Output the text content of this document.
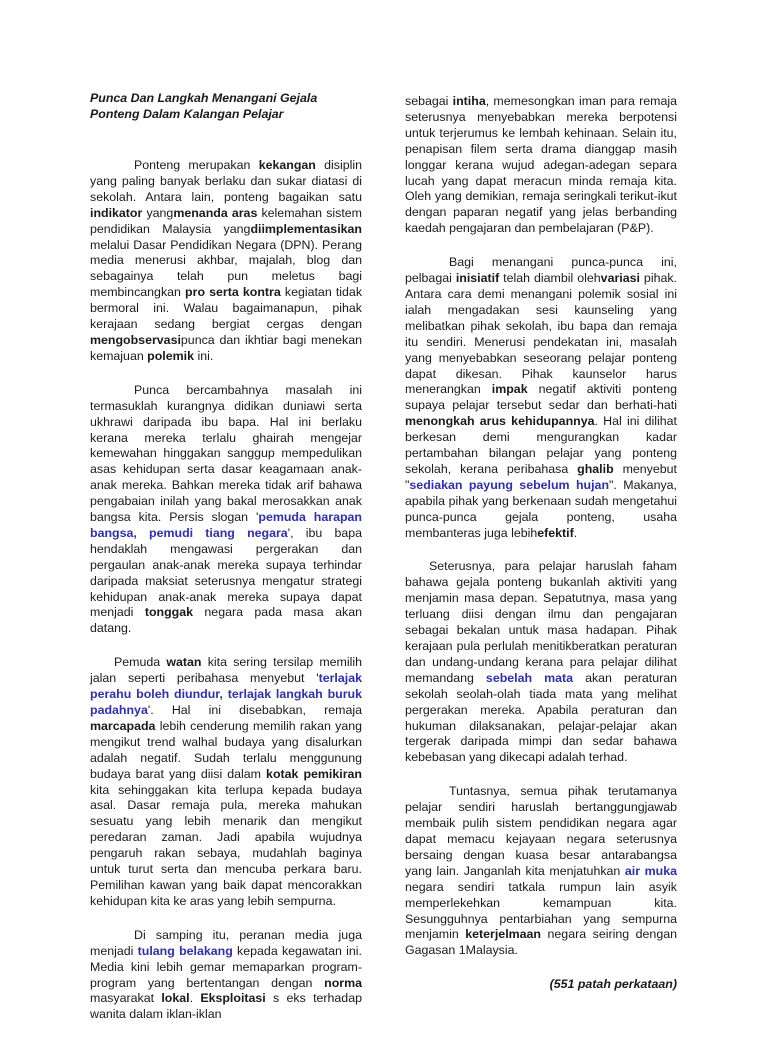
Punca Dan Langkah Menangani Gejala
Ponteng Dalam Kalangan Pelajar

Ponteng merupakan kekangan disiplin yang paling banyak berlaku dan sukar diatasi di sekolah. Antara lain, ponteng bagaikan satu indikator yangmenanda aras kelemahan sistem pendidikan Malaysia yangdiimplementasikan melalui Dasar Pendidikan Negara (DPN). Perang media menerusi akhbar, majalah, blog dan sebagainya telah pun meletus bagi membincangkan pro serta kontra kegiatan tidak bermoral ini. Walau bagaimanapun, pihak kerajaan sedang bergiat cergas dengan mengobservasipunca dan ikhtiar bagi menekan kemajuan polemik ini.

Punca bercambahnya masalah ini termasuklah kurangnya didikan duniawi serta ukhrawi daripada ibu bapa. Hal ini berlaku kerana mereka terlalu ghairah mengejar kemewahan hinggakan sanggup mempedulikan asas kehidupan serta dasar keagamaan anak-anak mereka. Bahkan mereka tidak arif bahawa pengabaian inilah yang bakal merosakkan anak bangsa kita. Persis slogan 'pemuda harapan bangsa, pemudi tiang negara', ibu bapa hendaklah mengawasi pergerakan dan pergaulan anak-anak mereka supaya terhindar daripada maksiat seterusnya mengatur strategi kehidupan anak-anak mereka supaya dapat menjadi tonggak negara pada masa akan datang.

Pemuda watan kita sering tersilap memilih jalan seperti peribahasa menyebut 'terlajak perahu boleh diundur, terlajak langkah buruk padahnya'. Hal ini disebabkan, remaja marcapada lebih cenderung memilih rakan yang mengikut trend walhal budaya yang disalurkan adalah negatif. Sudah terlalu menggunung budaya barat yang diisi dalam kotak pemikiran kita sehinggakan kita terlupa kepada budaya asal. Dasar remaja pula, mereka mahukan sesuatu yang lebih menarik dan mengikut peredaran zaman. Jadi apabila wujudnya pengaruh rakan sebaya, mudahlah baginya untuk turut serta dan mencuba perkara baru. Pemilihan kawan yang baik dapat mencorakkan kehidupan kita ke aras yang lebih sempurna.

Di samping itu, peranan media juga menjadi tulang belakang kepada kegawatan ini. Media kini lebih gemar memaparkan program-program yang bertentangan dengan norma masyarakat lokal. Eksploitasi s eks terhadap wanita dalam iklan-iklan

sebagai intiha, memesongkan iman para remaja seterusnya menyebabkan mereka berpotensi untuk terjerumus ke lembah kehinaan. Selain itu, penapisan filem serta drama dianggap masih longgar kerana wujud adegan-adegan separa lucah yang dapat meracun minda remaja kita. Oleh yang demikian, remaja seringkali terikut-ikut dengan paparan negatif yang jelas berbanding kaedah pengajaran dan pembelajaran (P&P).

Bagi menangani punca-punca ini, pelbagai inisiatif telah diambil olehvariasi pihak. Antara cara demi menangani polemik sosial ini ialah mengadakan sesi kaunseling yang melibatkan pihak sekolah, ibu bapa dan remaja itu sendiri. Menerusi pendekatan ini, masalah yang menyebabkan seseorang pelajar ponteng dapat dikesan. Pihak kaunselor harus menerangkan impak negatif aktiviti ponteng supaya pelajar tersebut sedar dan berhati-hati menongkah arus kehidupannya. Hal ini dilihat berkesan demi mengurangkan kadar pertambahan bilangan pelajar yang ponteng sekolah, kerana peribahasa ghalib menyebut "sediakan payung sebelum hujan". Makanya, apabila pihak yang berkenaan sudah mengetahui punca-punca gejala ponteng, usaha membanteras juga lebihefektif.

Seterusnya, para pelajar haruslah faham bahawa gejala ponteng bukanlah aktiviti yang menjamin masa depan. Sepatutnya, masa yang terluang diisi dengan ilmu dan pengajaran sebagai bekalan untuk masa hadapan. Pihak kerajaan pula perlulah menitikberatkan peraturan dan undang-undang kerana para pelajar dilihat memandang sebelah mata akan peraturan sekolah seolah-olah tiada mata yang melihat pergerakan mereka. Apabila peraturan dan hukuman dilaksanakan, pelajar-pelajar akan tergerak daripada mimpi dan sedar bahawa kebebasan yang dikecapi adalah terhad.

Tuntasnya, semua pihak terutamanya pelajar sendiri haruslah bertanggungjawab membaik pulih sistem pendidikan negara agar dapat memacu kejayaan negara seterusnya bersaing dengan kuasa besar antarabangsa yang lain. Janganlah kita menjatuhkan air muka negara sendiri tatkala rumpun lain asyik memperlekehkan kemampuan kita. Sesungguhnya pentarbiahan yang sempurna menjamin keterjelmaan negara seiring dengan Gagasan 1Malaysia.

(551 patah perkataan)
